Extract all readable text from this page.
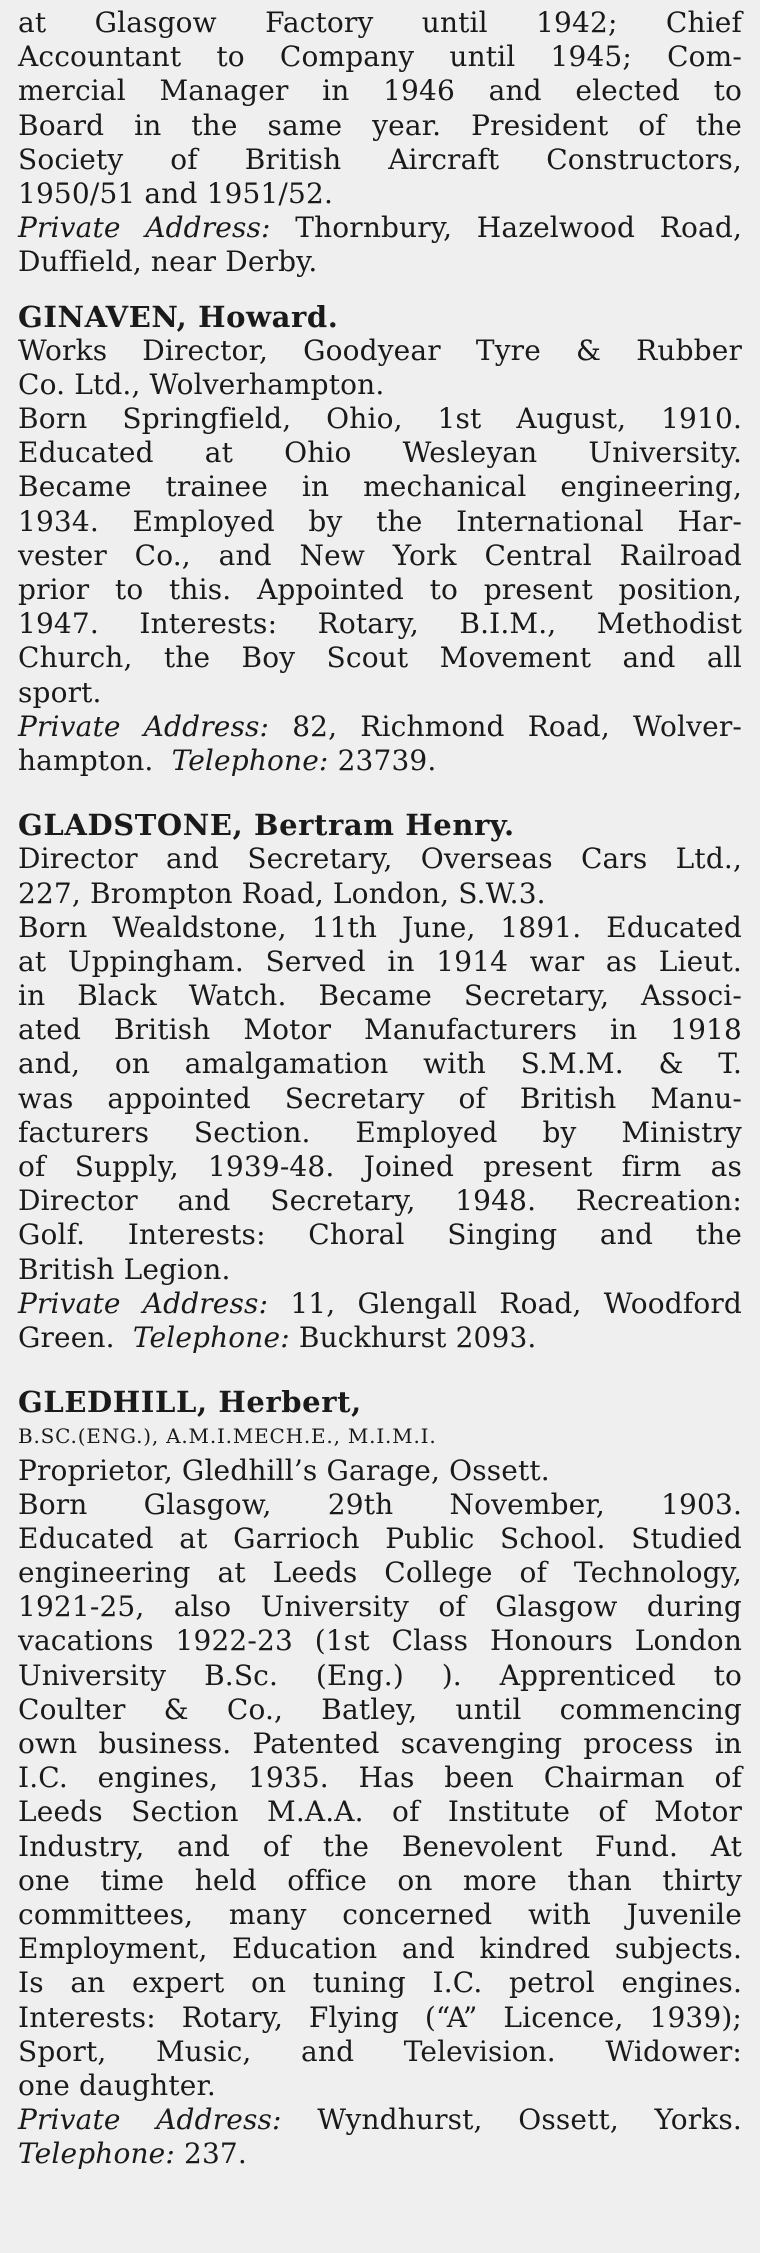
at Glasgow Factory until 1942; Chief
Accountant to Company until 1945; Com-
mercial Manager in 1946 and elected to
Board in the same year. President of the
Society of British Aircraft Constructors,
1950/51 and 1951/52.
Private Address: Thornbury, Hazelwood Road,
Duffield, near Derby.
GINAVEN, Howard.
Works Director, Goodyear Tyre & Rubber
Co. Ltd., Wolverhampton.
Born Springfield, Ohio, 1st August, 1910.
Educated at Ohio Wesleyan University.
Became trainee in mechanical engineering,
1934. Employed by the International Har-
vester Co., and New York Central Railroad
prior to this. Appointed to present position,
1947. Interests: Rotary, B.I.M., Methodist
Church, the Boy Scout Movement and all
sport.
Private Address: 82, Richmond Road, Wolver-
hampton. Telephone: 23739.
GLADSTONE, Bertram Henry.
Director and Secretary, Overseas Cars Ltd.,
227, Brompton Road, London, S.W.3.
Born Wealdstone, 11th June, 1891. Educated
at Uppingham. Served in 1914 war as Lieut.
in Black Watch. Became Secretary, Associ-
ated British Motor Manufacturers in 1918
and, on amalgamation with S.M.M. & T.
was appointed Secretary of British Manu-
facturers Section. Employed by Ministry
of Supply, 1939-48. Joined present firm as
Director and Secretary, 1948. Recreation:
Golf. Interests: Choral Singing and the
British Legion.
Private Address: 11, Glengall Road, Woodford
Green. Telephone: Buckhurst 2093.
GLEDHILL, Herbert,
B.SC.(ENG.), A.M.I.MECH.E., M.I.M.I.
Proprietor, Gledhill’s Garage, Ossett.
Born Glasgow, 29th November, 1903.
Educated at Garrioch Public School. Studied
engineering at Leeds College of Technology,
1921-25, also University of Glasgow during
vacations 1922-23 (1st Class Honours London
University B.Sc. (Eng.) ). Apprenticed to
Coulter & Co., Batley, until commencing
own business. Patented scavenging process in
I.C. engines, 1935. Has been Chairman of
Leeds Section M.A.A. of Institute of Motor
Industry, and of the Benevolent Fund. At
one time held office on more than thirty
committees, many concerned with Juvenile
Employment, Education and kindred subjects.
Is an expert on tuning I.C. petrol engines.
Interests: Rotary, Flying (“A” Licence, 1939);
Sport, Music, and Television. Widower:
one daughter.
Private Address: Wyndhurst, Ossett, Yorks.
Telephone: 237.
